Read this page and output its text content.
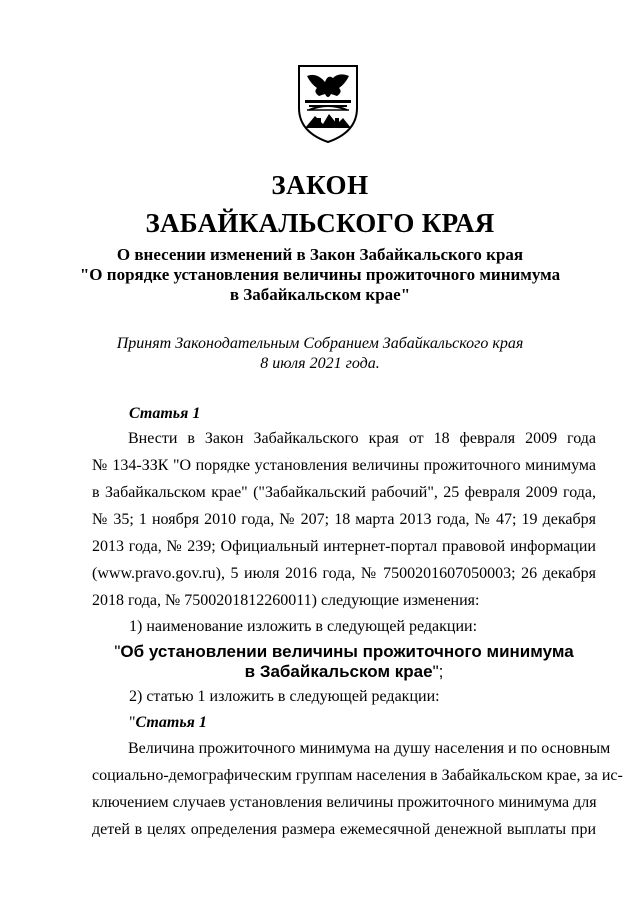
ЗАКОН
ЗАБАЙКАЛЬСКОГО КРАЯ
О внесении изменений в Закон Забайкальского края
"О порядке установления величины прожиточного минимума
в Забайкальском крае"
Принят Законодательным Собранием Забайкальского края
8 июля 2021 года.
Статья 1
Внести в Закон Забайкальского края от 18 февраля 2009 года
№ 134-ЗЗК "О порядке установления величины прожиточного минимума
в Забайкальском крае" ("Забайкальский рабочий", 25 февраля 2009 года,
№ 35; 1 ноября 2010 года, № 207; 18 марта 2013 года, № 47; 19 декабря
2013 года, № 239; Официальный интернет-портал правовой информации
(www.pravo.gov.ru), 5 июля 2016 года, № 7500201607050003; 26 декабря
2018 года, № 7500201812260011) следующие изменения:
1) наименование изложить в следующей редакции:
"Об установлении величины прожиточного минимума
в Забайкальском крае";
2) статью 1 изложить в следующей редакции:
"Статья 1
Величина прожиточного минимума на душу населения и по основным
социально-демографическим группам населения в Забайкальском крае, за ис-
ключением случаев установления величины прожиточного минимума для
детей в целях определения размера ежемесячной денежной выплаты при
